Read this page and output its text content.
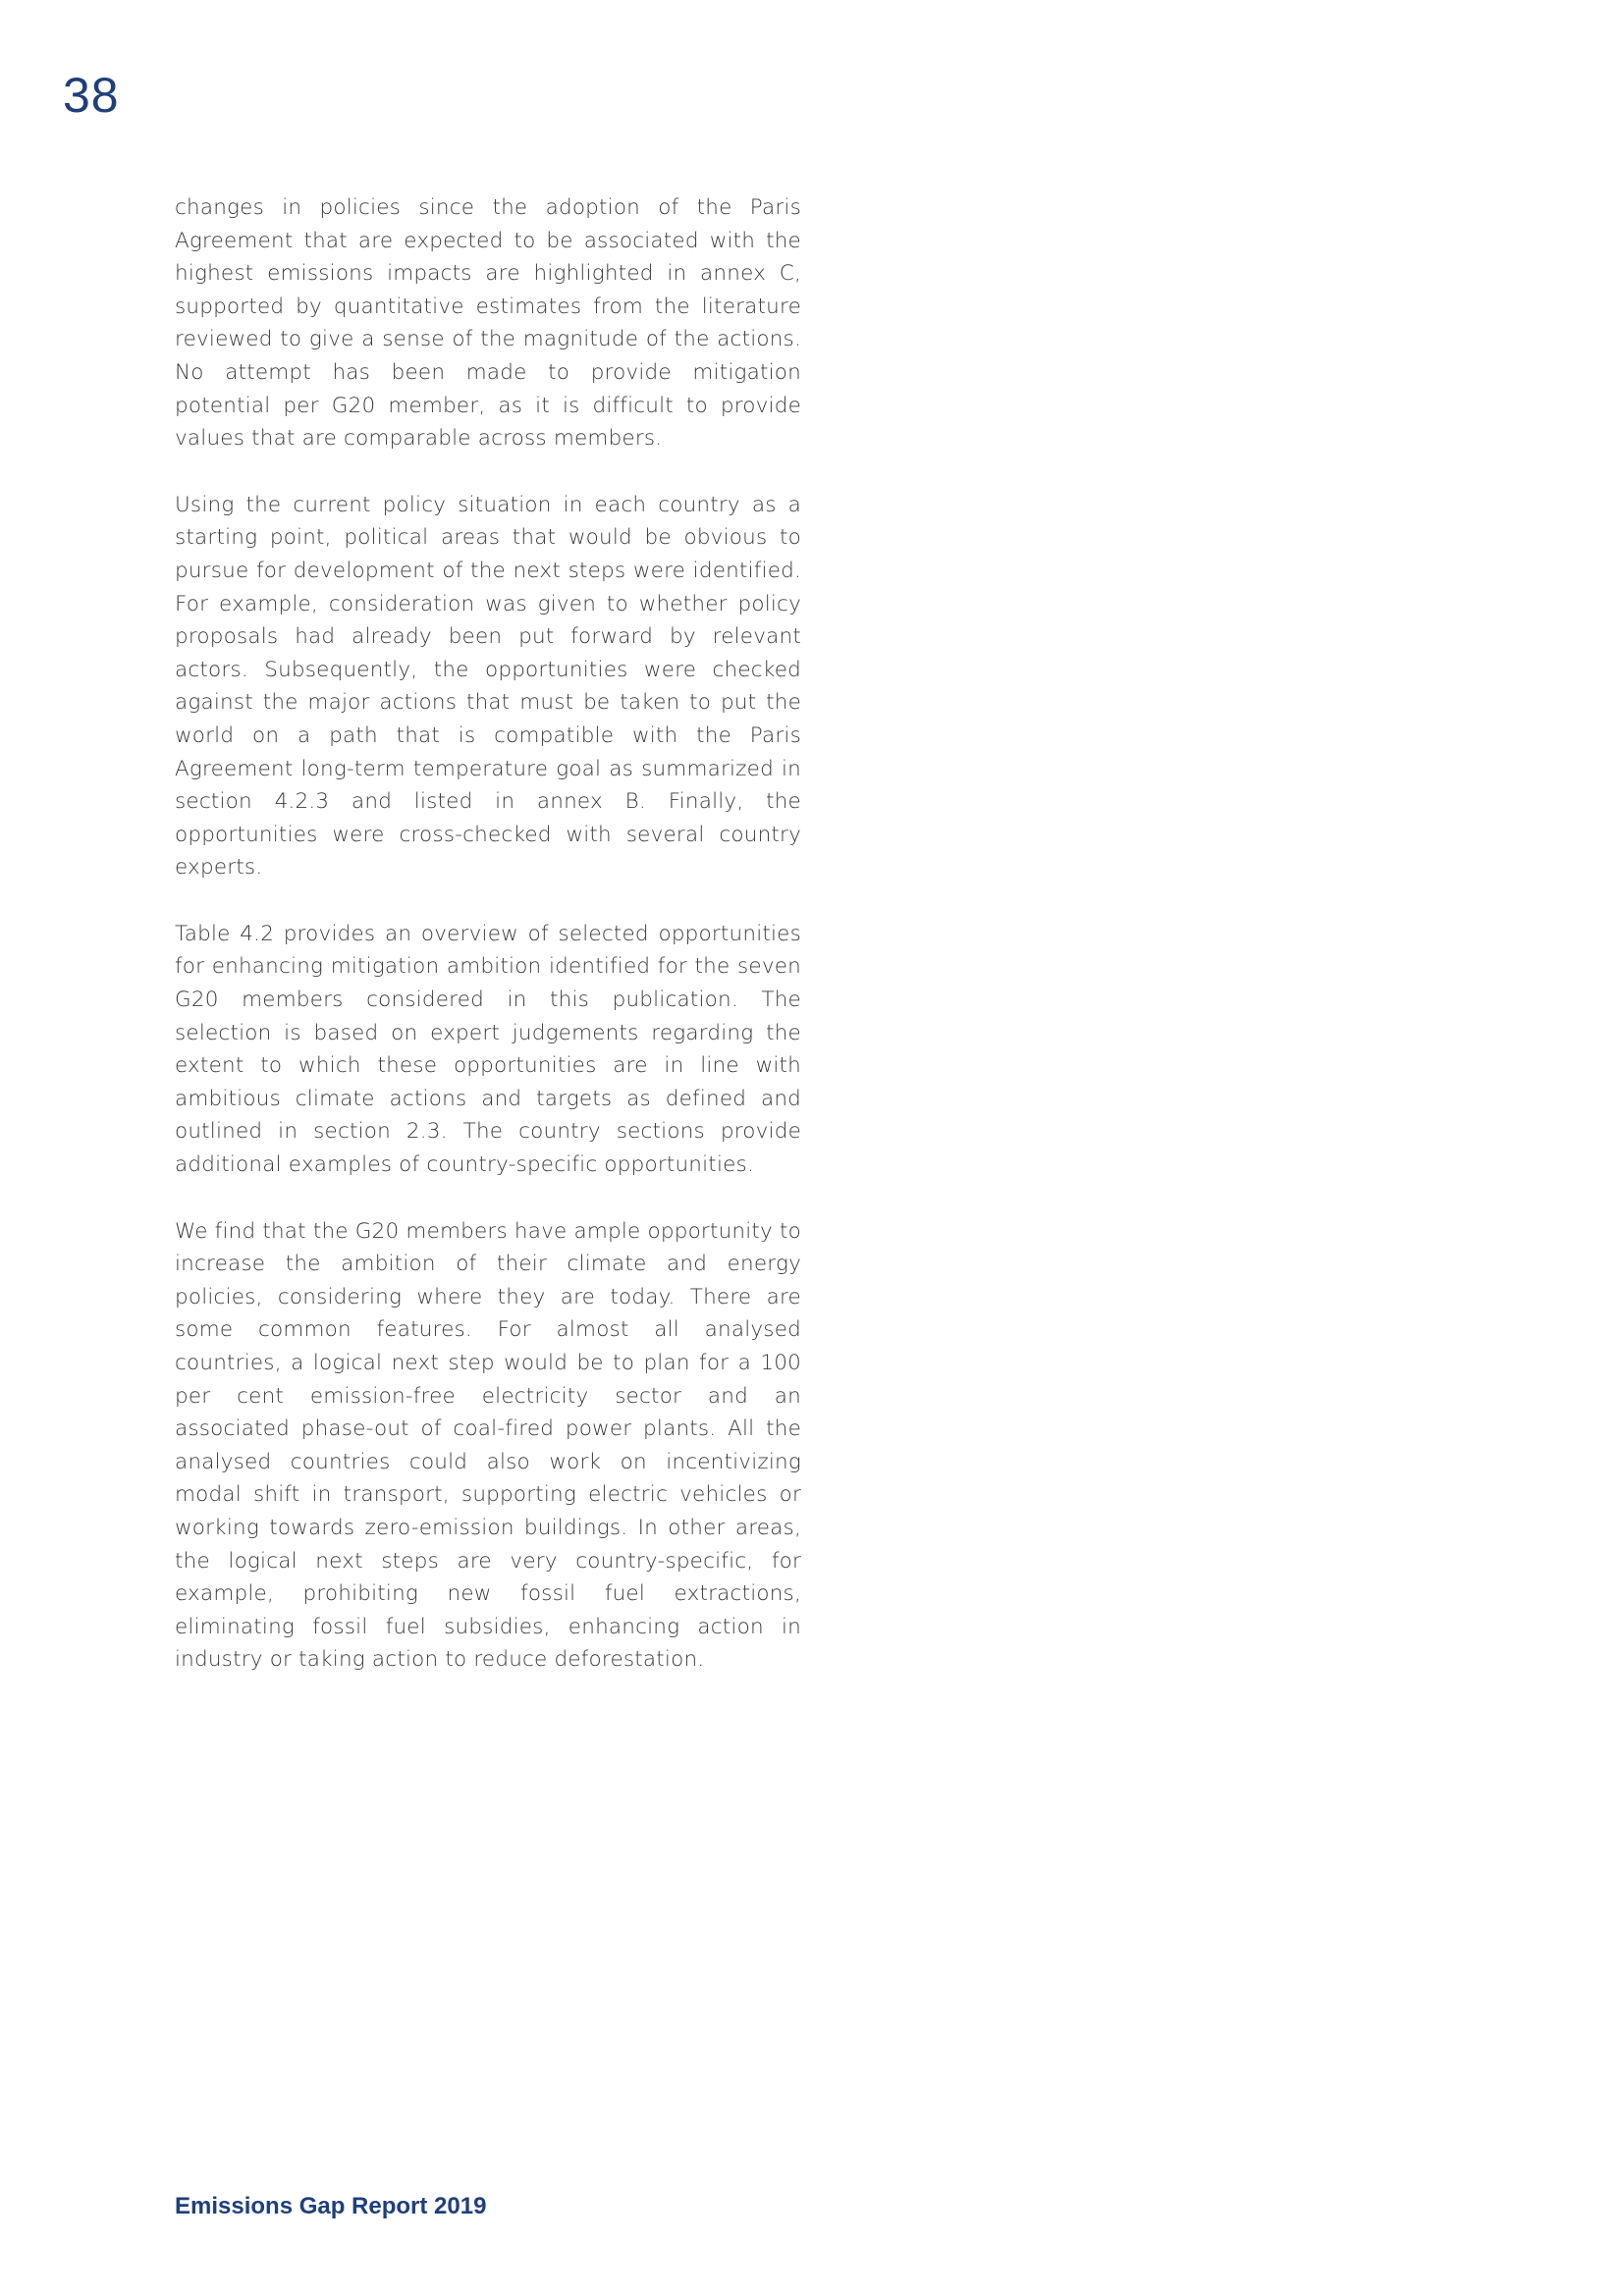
38

changes in policies since the adoption of the Paris Agreement that are expected to be associated with the highest emissions impacts are highlighted in annex C, supported by quantitative estimates from the literature reviewed to give a sense of the magnitude of the actions. No attempt has been made to provide mitigation potential per G20 member, as it is difficult to provide values that are comparable across members.

Using the current policy situation in each country as a starting point, political areas that would be obvious to pursue for development of the next steps were identified. For example, consideration was given to whether policy proposals had already been put forward by relevant actors. Subsequently, the opportunities were checked against the major actions that must be taken to put the world on a path that is compatible with the Paris Agreement long-term temperature goal as summarized in section 4.2.3 and listed in annex B. Finally, the opportunities were cross-checked with several country experts.

Table 4.2 provides an overview of selected opportunities for enhancing mitigation ambition identified for the seven G20 members considered in this publication. The selection is based on expert judgements regarding the extent to which these opportunities are in line with ambitious climate actions and targets as defined and outlined in section 2.3. The country sections provide additional examples of country-specific opportunities.

We find that the G20 members have ample opportunity to increase the ambition of their climate and energy policies, considering where they are today. There are some common features. For almost all analysed countries, a logical next step would be to plan for a 100 per cent emission-free electricity sector and an associated phase-out of coal-fired power plants. All the analysed countries could also work on incentivizing modal shift in transport, supporting electric vehicles or working towards zero-emission buildings. In other areas, the logical next steps are very country-specific, for example, prohibiting new fossil fuel extractions, eliminating fossil fuel subsidies, enhancing action in industry or taking action to reduce deforestation.

Emissions Gap Report 2019
